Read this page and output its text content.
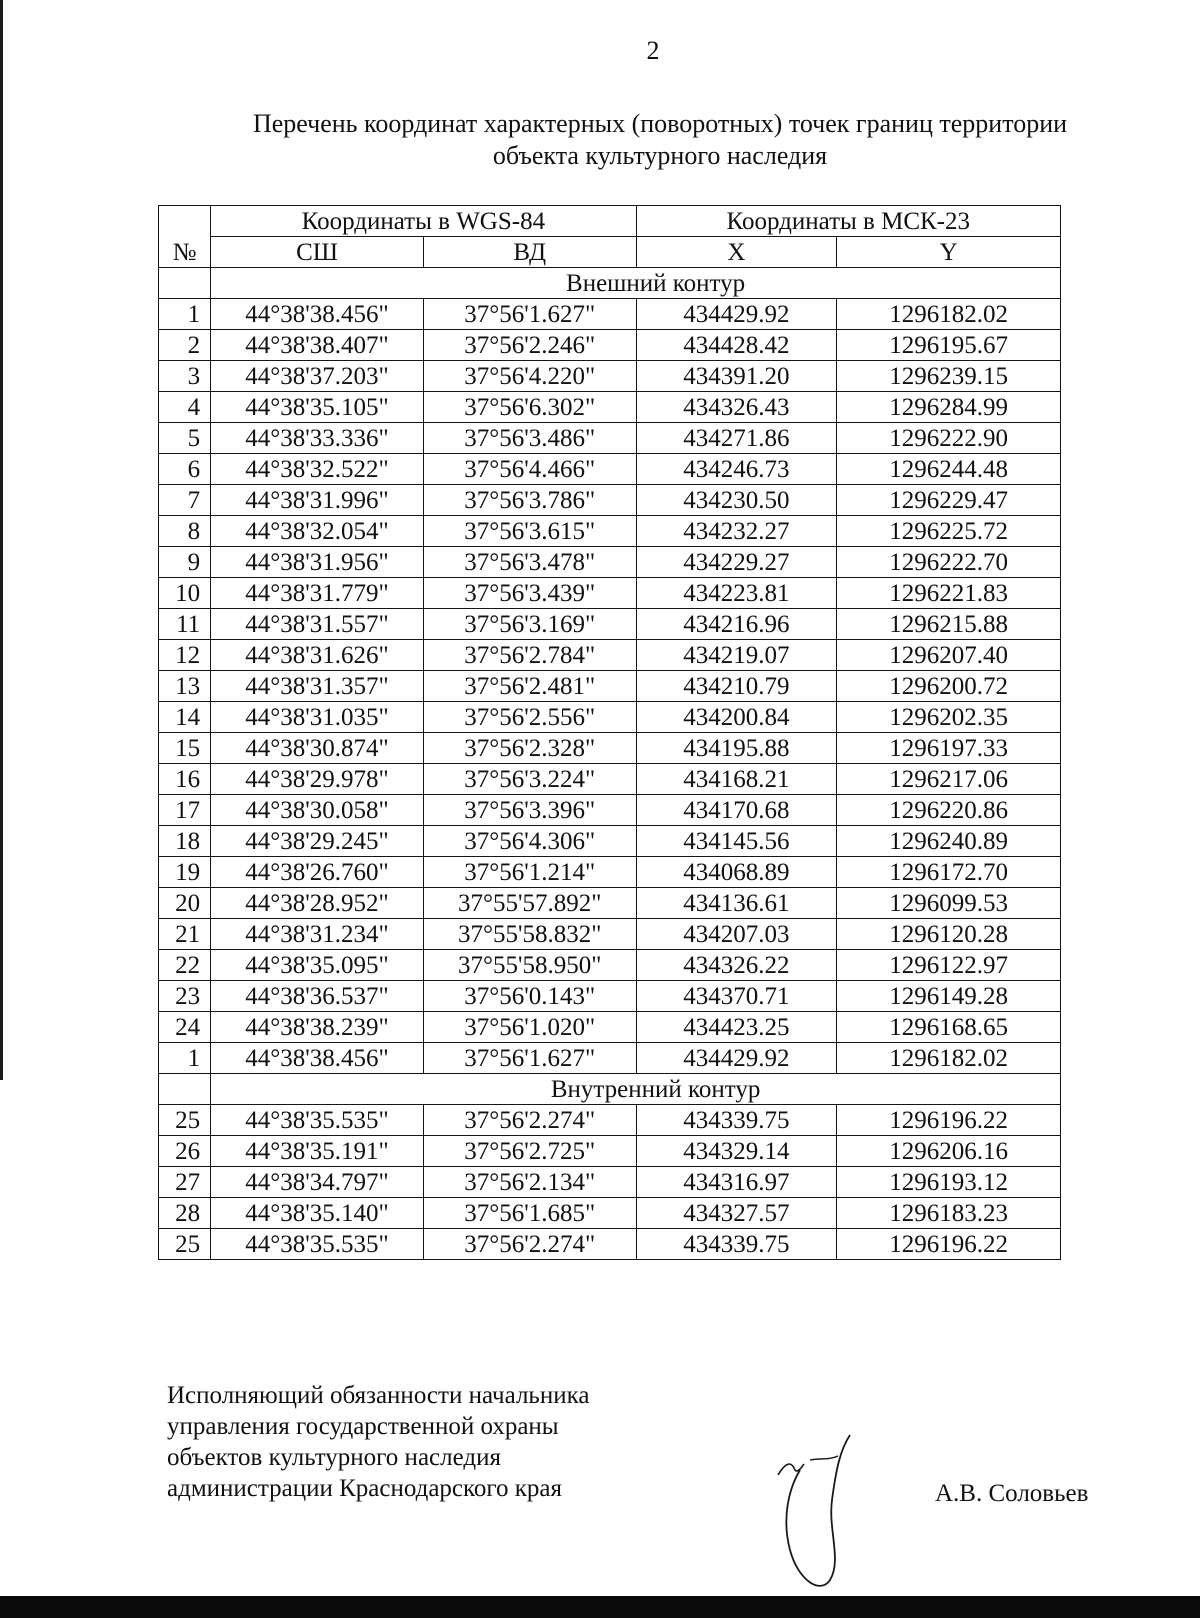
2
Перечень координат характерных (поворотных) точек границ территории
объекта культурного наследия
№	Координаты в WGS-84		Координаты в МСК-23	
	СШ	ВД	X	Y
	Внешний контур			
1	44°38'38.456"	37°56'1.627"	434429.92	1296182.02
2	44°38'38.407"	37°56'2.246"	434428.42	1296195.67
3	44°38'37.203"	37°56'4.220"	434391.20	1296239.15
4	44°38'35.105"	37°56'6.302"	434326.43	1296284.99
5	44°38'33.336"	37°56'3.486"	434271.86	1296222.90
6	44°38'32.522"	37°56'4.466"	434246.73	1296244.48
7	44°38'31.996"	37°56'3.786"	434230.50	1296229.47
8	44°38'32.054"	37°56'3.615"	434232.27	1296225.72
9	44°38'31.956"	37°56'3.478"	434229.27	1296222.70
10	44°38'31.779"	37°56'3.439"	434223.81	1296221.83
11	44°38'31.557"	37°56'3.169"	434216.96	1296215.88
12	44°38'31.626"	37°56'2.784"	434219.07	1296207.40
13	44°38'31.357"	37°56'2.481"	434210.79	1296200.72
14	44°38'31.035"	37°56'2.556"	434200.84	1296202.35
15	44°38'30.874"	37°56'2.328"	434195.88	1296197.33
16	44°38'29.978"	37°56'3.224"	434168.21	1296217.06
17	44°38'30.058"	37°56'3.396"	434170.68	1296220.86
18	44°38'29.245"	37°56'4.306"	434145.56	1296240.89
19	44°38'26.760"	37°56'1.214"	434068.89	1296172.70
20	44°38'28.952"	37°55'57.892"	434136.61	1296099.53
21	44°38'31.234"	37°55'58.832"	434207.03	1296120.28
22	44°38'35.095"	37°55'58.950"	434326.22	1296122.97
23	44°38'36.537"	37°56'0.143"	434370.71	1296149.28
24	44°38'38.239"	37°56'1.020"	434423.25	1296168.65
1	44°38'38.456"	37°56'1.627"	434429.92	1296182.02
	Внутренний контур			
25	44°38'35.535"	37°56'2.274"	434339.75	1296196.22
26	44°38'35.191"	37°56'2.725"	434329.14	1296206.16
27	44°38'34.797"	37°56'2.134"	434316.97	1296193.12
28	44°38'35.140"	37°56'1.685"	434327.57	1296183.23
25	44°38'35.535"	37°56'2.274"	434339.75	1296196.22
Исполняющий обязанности начальника
управления государственной охраны
объектов культурного наследия
администрации Краснодарского края	А.В. Соловьев
